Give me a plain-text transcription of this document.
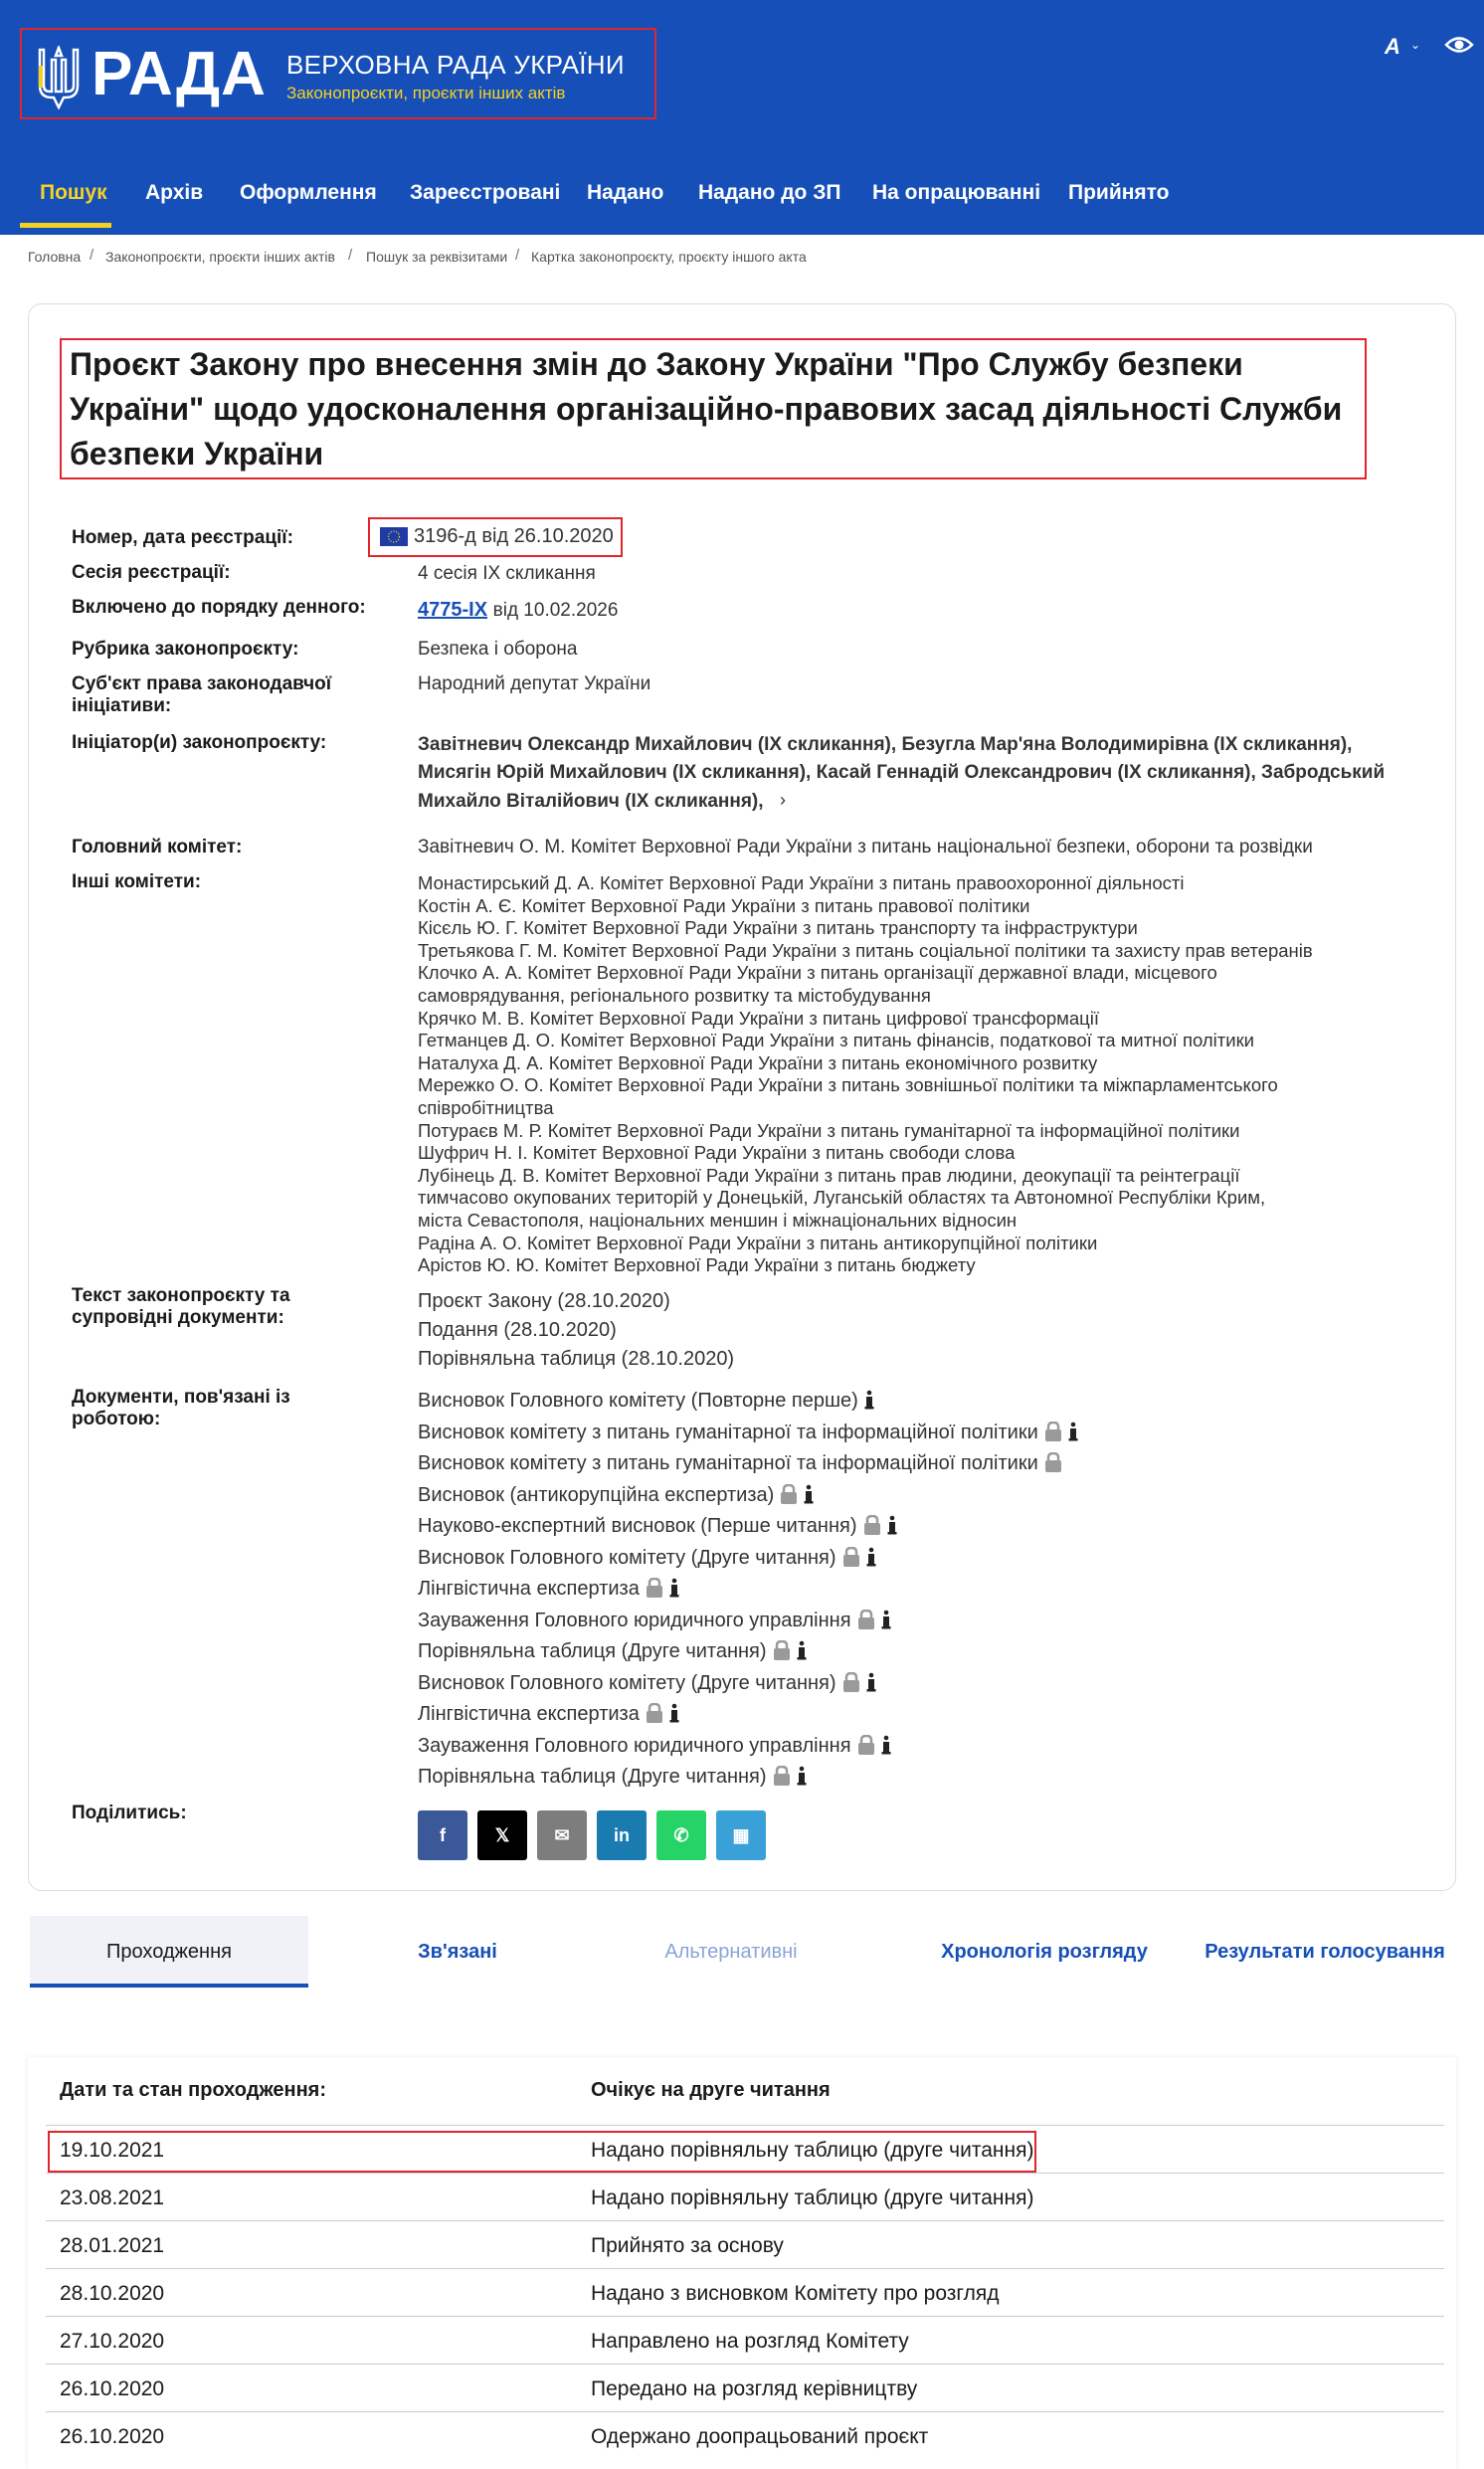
РАДА ВЕРХОВНА РАДА УКРАЇНИ
Законопроєкти, проєкти інших актів
A ⌄
Пошук Архів Оформлення Зареєстровані Надано Надано до ЗП На опрацюванні Прийнято
Головна / Законопроєкти, проєкти інших актів / Пошук за реквізитами / Картка законопроєкту, проєкту іншого акта
Проєкт Закону про внесення змін до Закону України "Про Службу безпеки України" щодо удосконалення організаційно-правових засад діяльності Служби безпеки України
Номер, дата реєстрації:	3196-д від 26.10.2020
Сесія реєстрації:	4 сесія IX скликання
Включено до порядку денного:	4775-IX від 10.02.2026
Рубрика законопроєкту:	Безпека і оборона
Суб'єкт права законодавчої ініціативи:
Народний депутат України
Ініціатор(и) законопроєкту:	Завітневич Олександр Михайлович (IX скликання), Безугла Мар'яна Володимирівна (IX скликання),
Мисягін Юрій Михайлович (IX скликання), Касай Геннадій Олександрович (IX скликання), Забродський
Михайло Віталійович (IX скликання), ›
Головний комітет:	Завітневич О. М. Комітет Верховної Ради України з питань національної безпеки, оборони та розвідки
Інші комітети:	Монастирський Д. А. Комітет Верховної Ради України з питань правоохоронної діяльності
Костін А. Є. Комітет Верховної Ради України з питань правової політики
Кісєль Ю. Г. Комітет Верховної Ради України з питань транспорту та інфраструктури
Третьякова Г. М. Комітет Верховної Ради України з питань соціальної політики та захисту прав ветеранів
Клочко А. А. Комітет Верховної Ради України з питань організації державної влади, місцевого
самоврядування, регіонального розвитку та містобудування
Крячко М. В. Комітет Верховної Ради України з питань цифрової трансформації
Гетманцев Д. О. Комітет Верховної Ради України з питань фінансів, податкової та митної політики
Наталуха Д. А. Комітет Верховної Ради України з питань економічного розвитку
Мережко О. О. Комітет Верховної Ради України з питань зовнішньої політики та міжпарламентського
співробітництва
Потураєв М. Р. Комітет Верховної Ради України з питань гуманітарної та інформаційної політики
Шуфрич Н. І. Комітет Верховної Ради України з питань свободи слова
Лубінець Д. В. Комітет Верховної Ради України з питань прав людини, деокупації та реінтеграції
тимчасово окупованих територій у Донецькій, Луганській областях та Автономної Республіки Крим,
міста Севастополя, національних меншин і міжнаціональних відносин
Радіна А. О. Комітет Верховної Ради України з питань антикорупційної політики
Арістов Ю. Ю. Комітет Верховної Ради України з питань бюджету
Текст законопроєкту та супровідні документи:
Проєкт Закону (28.10.2020)
Подання (28.10.2020)
Порівняльна таблиця (28.10.2020)
Документи, пов'язані із роботою:
Висновок Головного комітету (Повторне перше)
Висновок комітету з питань гуманітарної та інформаційної політики
Висновок комітету з питань гуманітарної та інформаційної політики
Висновок (антикорупційна експертиза)
Науково-експертний висновок (Перше читання)
Висновок Головного комітету (Друге читання)
Лінгвістична експертиза
Зауваження Головного юридичного управління
Порівняльна таблиця (Друге читання)
Висновок Головного комітету (Друге читання)
Лінгвістична експертиза
Зауваження Головного юридичного управління
Порівняльна таблиця (Друге читання)
Поділитись:
f	𝕏	✉	in	✆	▦
Проходження	Зв'язані	Альтернативні	Хронологія розгляду	Результати голосування
Дати та стан проходження:	Очікує на друге читання
19.10.2021	Надано порівняльну таблицю (друге читання)
23.08.2021	Надано порівняльну таблицю (друге читання)
28.01.2021	Прийнято за основу
28.10.2020	Надано з висновком Комітету про розгляд
27.10.2020	Направлено на розгляд Комітету
26.10.2020	Передано на розгляд керівництву
26.10.2020	Одержано доопрацьований проєкт
